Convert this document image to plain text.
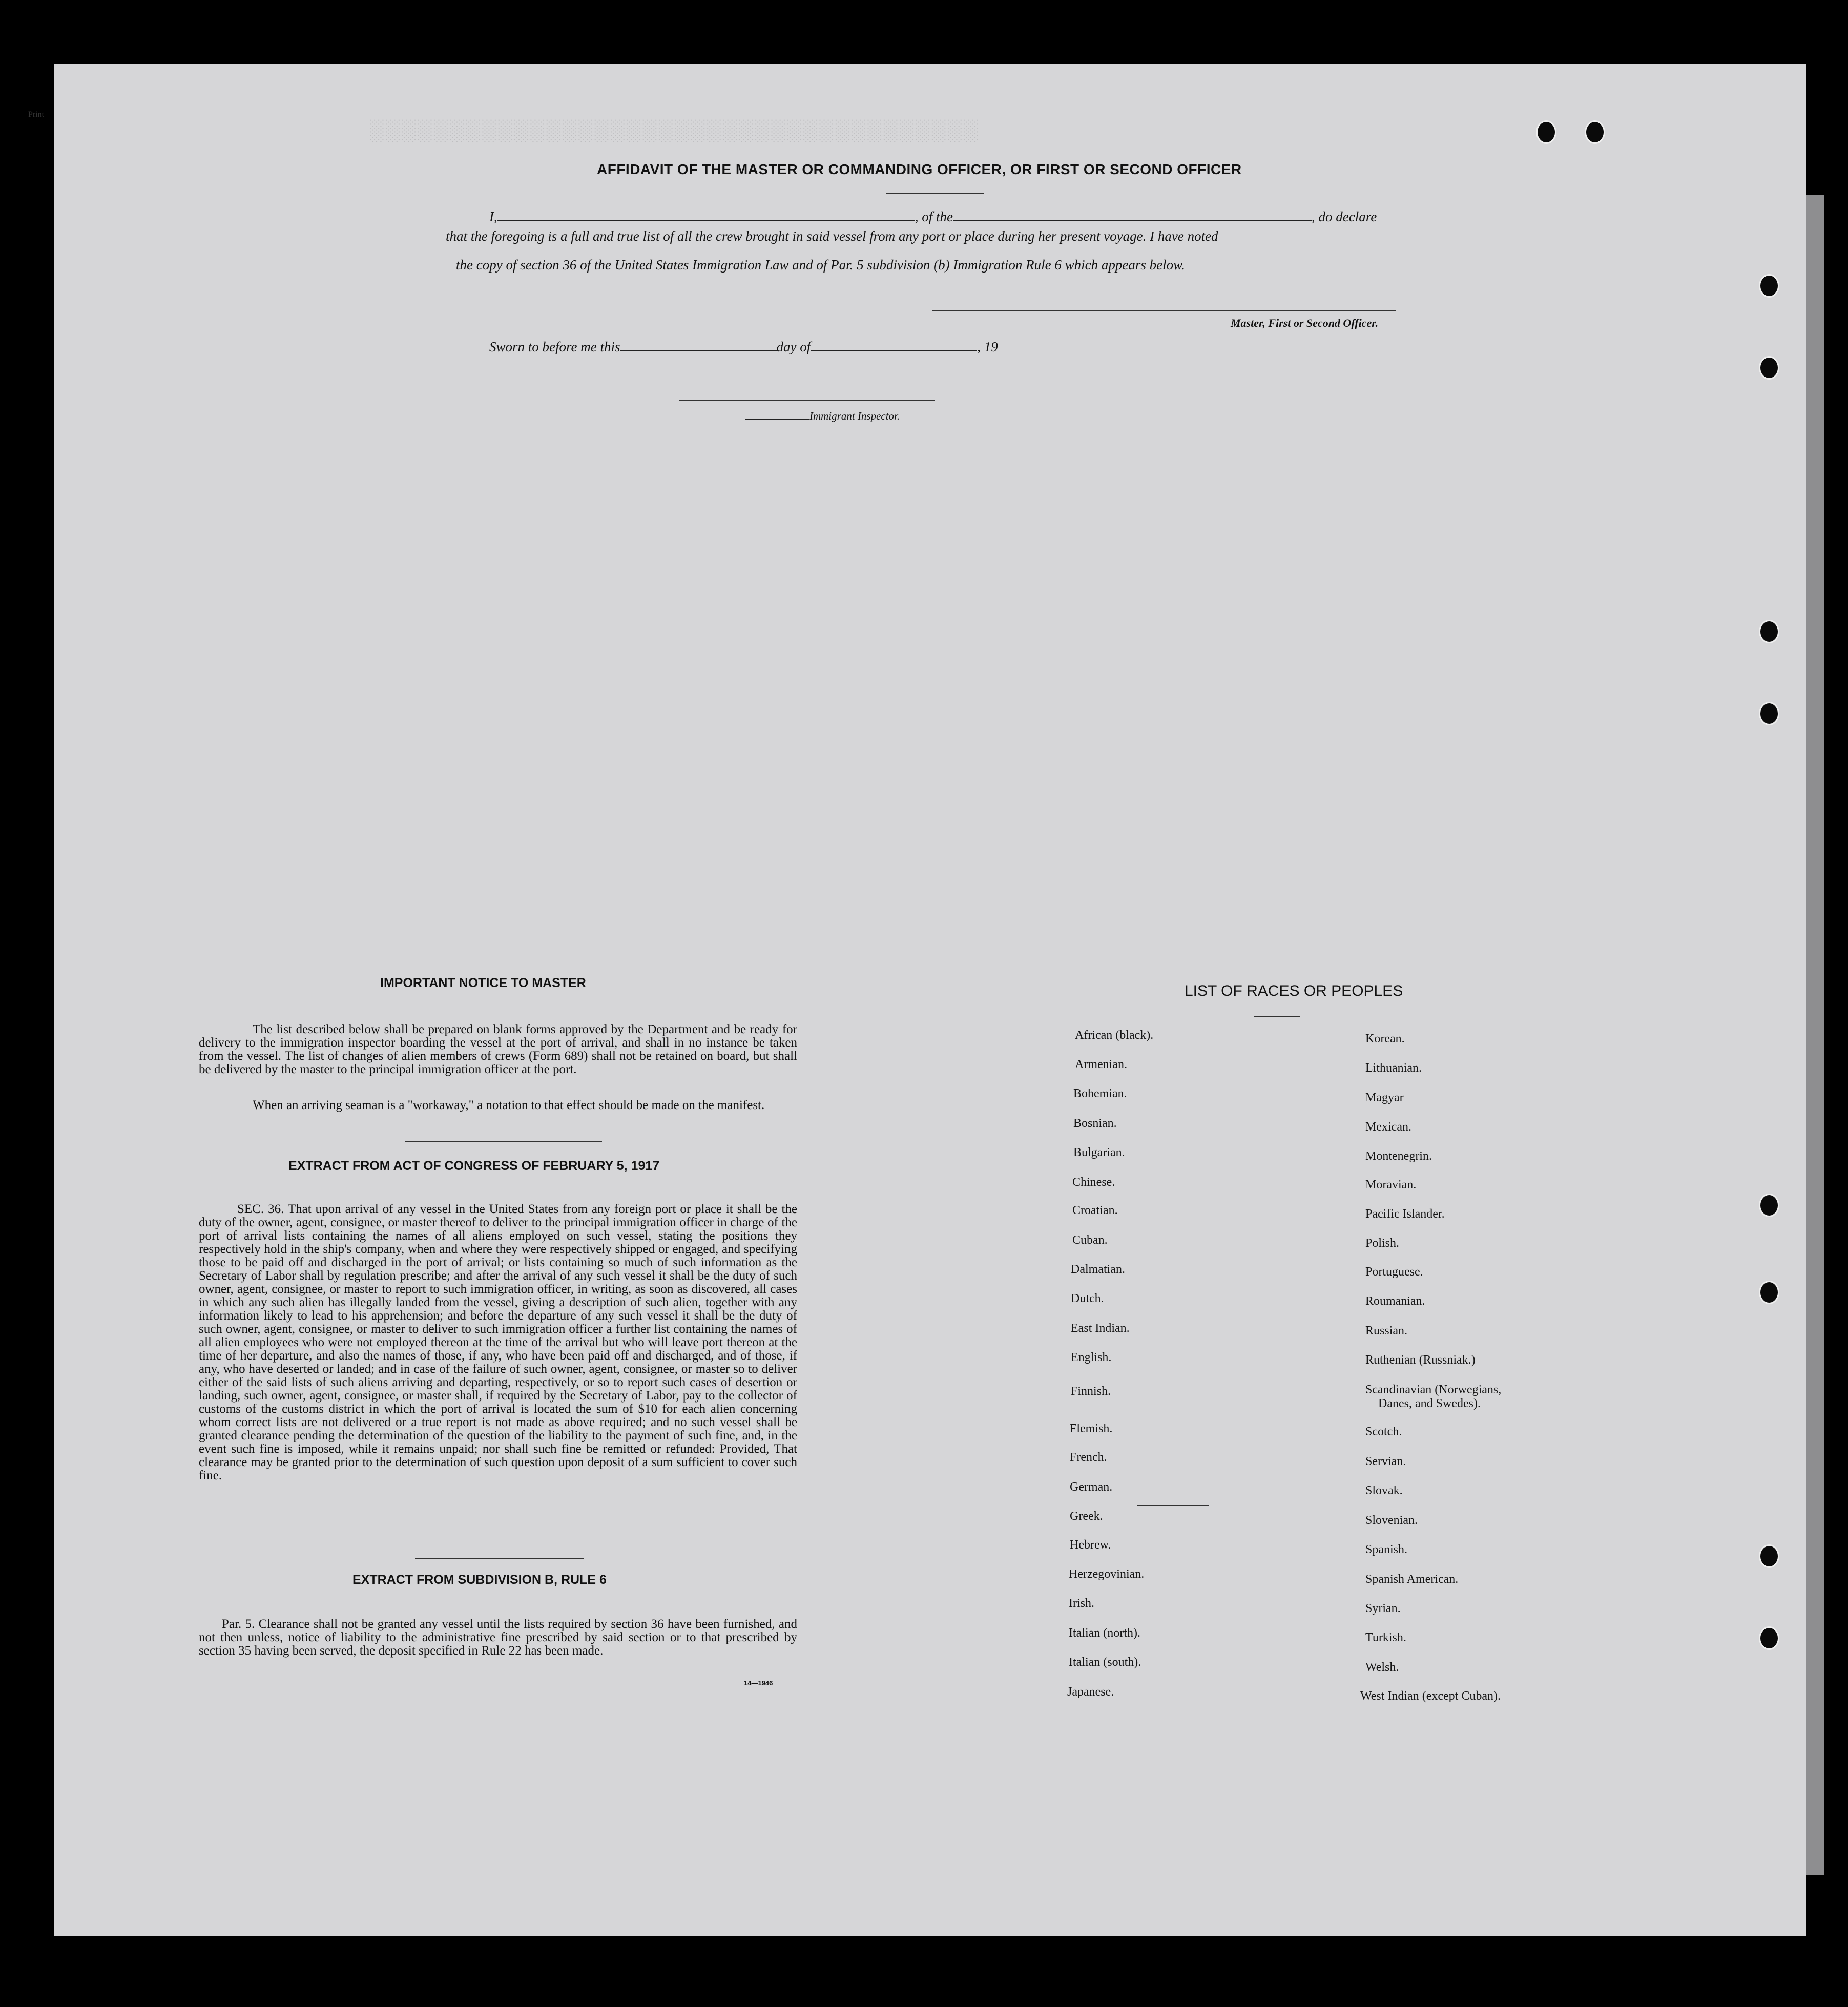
Print
░░░░░░░░░░░░░░░░░░░░░░░░░░░░░░░░░░░░░░
AFFIDAVIT OF THE MASTER OR COMMANDING OFFICER, OR FIRST OR SECOND OFFICER
I,	, of the	, do declare
that the foregoing is a full and true list of all the crew brought in said vessel from any port or place during her present voyage. I have noted
the copy of section 36 of the United States Immigration Law and of Par. 5 subdivision (b) Immigration Rule 6 which appears below.
Master, First or Second Officer.
Sworn to before me this	day of	, 19
Immigrant Inspector.
IMPORTANT NOTICE TO MASTER
The list described below shall be prepared on blank forms approved by the Department and be ready for delivery to the immigration inspector boarding the vessel at the port of arrival, and shall in no instance be taken from the vessel. The list of changes of alien members of crews (Form 689) shall not be retained on board, but shall be delivered by the master to the principal immigration officer at the port.
When an arriving seaman is a "workaway," a notation to that effect should be made on the manifest.
EXTRACT FROM ACT OF CONGRESS OF FEBRUARY 5, 1917
SEC. 36. That upon arrival of any vessel in the United States from any foreign port or place it shall be the duty of the owner, agent, consignee, or master thereof to deliver to the principal immigration officer in charge of the port of arrival lists containing the names of all aliens employed on such vessel, stating the positions they respectively hold in the ship's company, when and where they were respectively shipped or engaged, and specifying those to be paid off and discharged in the port of arrival; or lists containing so much of such information as the Secretary of Labor shall by regulation prescribe; and after the arrival of any such vessel it shall be the duty of such owner, agent, consignee, or master to report to such immigration officer, in writing, as soon as discovered, all cases in which any such alien has illegally landed from the vessel, giving a description of such alien, together with any information likely to lead to his apprehension; and before the departure of any such vessel it shall be the duty of such owner, agent, consignee, or master to deliver to such immigration officer a further list containing the names of all alien employees who were not employed thereon at the time of the arrival but who will leave port thereon at the time of her departure, and also the names of those, if any, who have been paid off and discharged, and of those, if any, who have deserted or landed; and in case of the failure of such owner, agent, consignee, or master so to deliver either of the said lists of such aliens arriving and departing, respectively, or so to report such cases of desertion or landing, such owner, agent, consignee, or master shall, if required by the Secretary of Labor, pay to the collector of customs of the customs district in which the port of arrival is located the sum of $10 for each alien concerning whom correct lists are not delivered or a true report is not made as above required; and no such vessel shall be granted clearance pending the determination of the question of the liability to the payment of such fine, and, in the event such fine is imposed, while it remains unpaid; nor shall such fine be remitted or refunded: Provided, That clearance may be granted prior to the determination of such question upon deposit of a sum sufficient to cover such fine.
EXTRACT FROM SUBDIVISION B, RULE 6
Par. 5. Clearance shall not be granted any vessel until the lists required by section 36 have been furnished, and not then unless, notice of liability to the administrative fine prescribed by said section or to that prescribed by section 35 having been served, the deposit specified in Rule 22 has been made.
14—1946
LIST OF RACES OR PEOPLES
African (black).
Armenian.
Bohemian.
Bosnian.
Bulgarian.
Chinese.
Croatian.
Cuban.
Dalmatian.
Dutch.
East Indian.
English.
Finnish.
Flemish.
French.
German.
Greek.
Hebrew.
Herzegovinian.
Irish.
Italian (north).
Italian (south).
Japanese.
Korean.
Lithuanian.
Magyar
Mexican.
Montenegrin.
Moravian.
Pacific Islander.
Polish.
Portuguese.
Roumanian.
Russian.
Ruthenian (Russniak.)
Scandinavian (Norwegians,
Danes, and Swedes).
Scotch.
Servian.
Slovak.
Slovenian.
Spanish.
Spanish American.
Syrian.
Turkish.
Welsh.
West Indian (except Cuban).
